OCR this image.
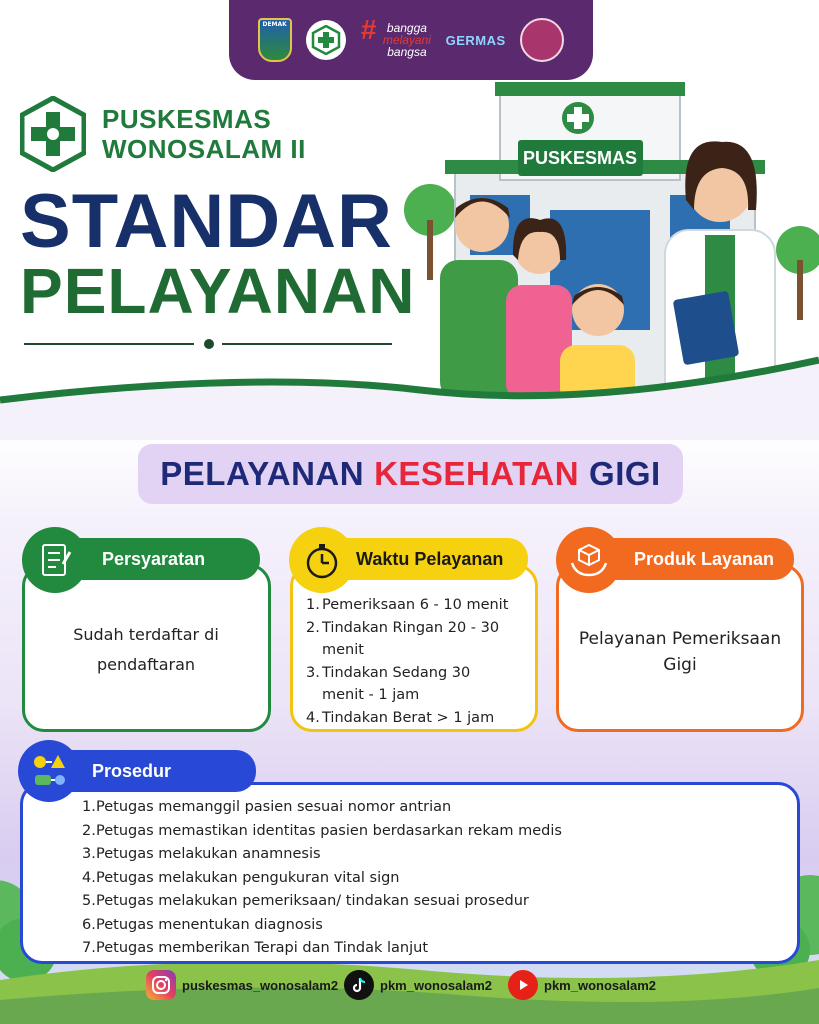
DEMAK	# bangga
melayani
bangsa
GERMAS
PUSKESMAS
WONOSALAM II
STANDAR
PELAYANAN
PUSKESMAS
PELAYANAN KESEHATAN GIGI
Persyaratan
Sudah terdaftar di
pendaftaran
Waktu Pelayanan
1. Pemeriksaan 6 - 10 menit
2. Tindakan Ringan 20 - 30
menit
3. Tindakan Sedang 30
menit - 1 jam
4. Tindakan Berat > 1 jam
Produk Layanan
Pelayanan Pemeriksaan
Gigi
Prosedur
1. Petugas memanggil pasien sesuai nomor antrian
2. Petugas memastikan identitas pasien berdasarkan rekam medis
3. Petugas melakukan anamnesis
4. Petugas melakukan pengukuran vital sign
5. Petugas melakukan pemeriksaan/ tindakan sesuai prosedur
6. Petugas menentukan diagnosis
7. Petugas memberikan Terapi dan Tindak lanjut
puskesmas_wonosalam2	pkm_wonosalam2	pkm_wonosalam2
